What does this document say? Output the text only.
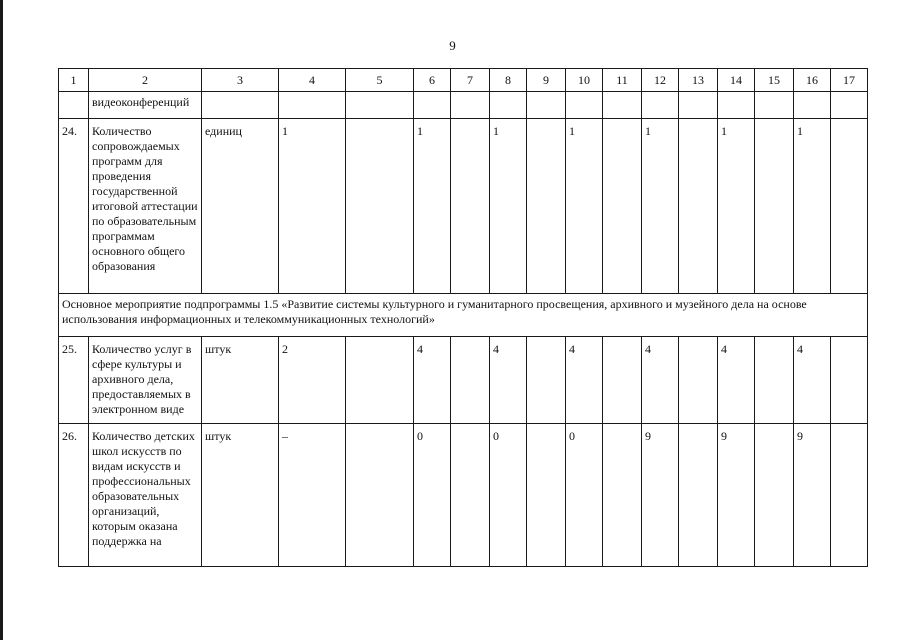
9
1	2	3	4	5	6	7	8	9	10	11	12	13	14	15	16	17
	видеоконференций															
24.	Количество сопровождаемых программ для проведения государственной итоговой аттестации по образовательным программам основного общего образования	единиц	1		1		1		1		1		1		1	
Основное мероприятие подпрограммы 1.5 «Развитие системы культурного и гуманитарного просвещения, архивного и музейного дела на основе использования информационных и телекоммуникационных технологий»																
25.	Количество услуг в сфере культуры и архивного дела, предоставляемых в электронном виде	штук	2		4		4		4		4		4		4	
26.	Количество детских школ искусств по видам искусств и профессиональных образовательных организаций, которым оказана поддержка на	штук	–		0		0		0		9		9		9	
